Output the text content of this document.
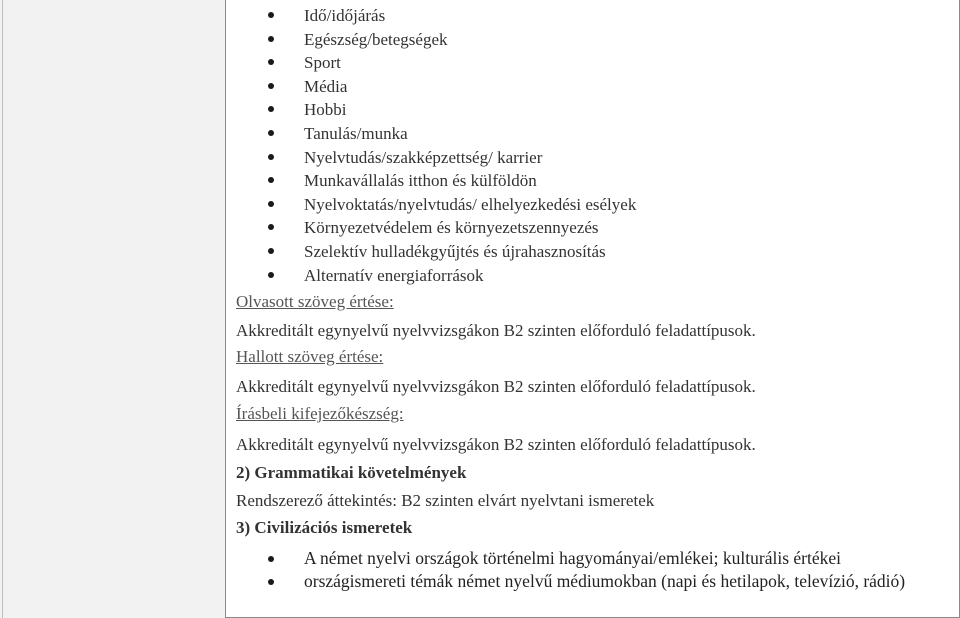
Idő/időjárás
Egészség/betegségek
Sport
Média
Hobbi
Tanulás/munka
Nyelvtudás/szakképzettség/ karrier
Munkavállalás itthon és külföldön
Nyelvoktatás/nyelvtudás/ elhelyezkedési esélyek
Környezetvédelem és környezetszennyezés
Szelektív hulladékgyűjtés és újrahasznosítás
Alternatív energiaforrások
Olvasott szöveg értése:
Akkreditált egynyelvű nyelvvizsgákon B2 szinten előforduló feladattípusok.
Hallott szöveg értése:
Akkreditált egynyelvű nyelvvizsgákon B2 szinten előforduló feladattípusok.
Írásbeli kifejezőkészség:
Akkreditált egynyelvű nyelvvizsgákon B2 szinten előforduló feladattípusok.
2) Grammatikai követelmények
Rendszerező áttekintés: B2 szinten elvárt nyelvtani ismeretek
3) Civilizációs ismeretek
A német nyelvi országok történelmi hagyományai/emlékei; kulturális értékei
országismereti témák német nyelvű médiumokban (napi és hetilapok, televízió, rádió)
